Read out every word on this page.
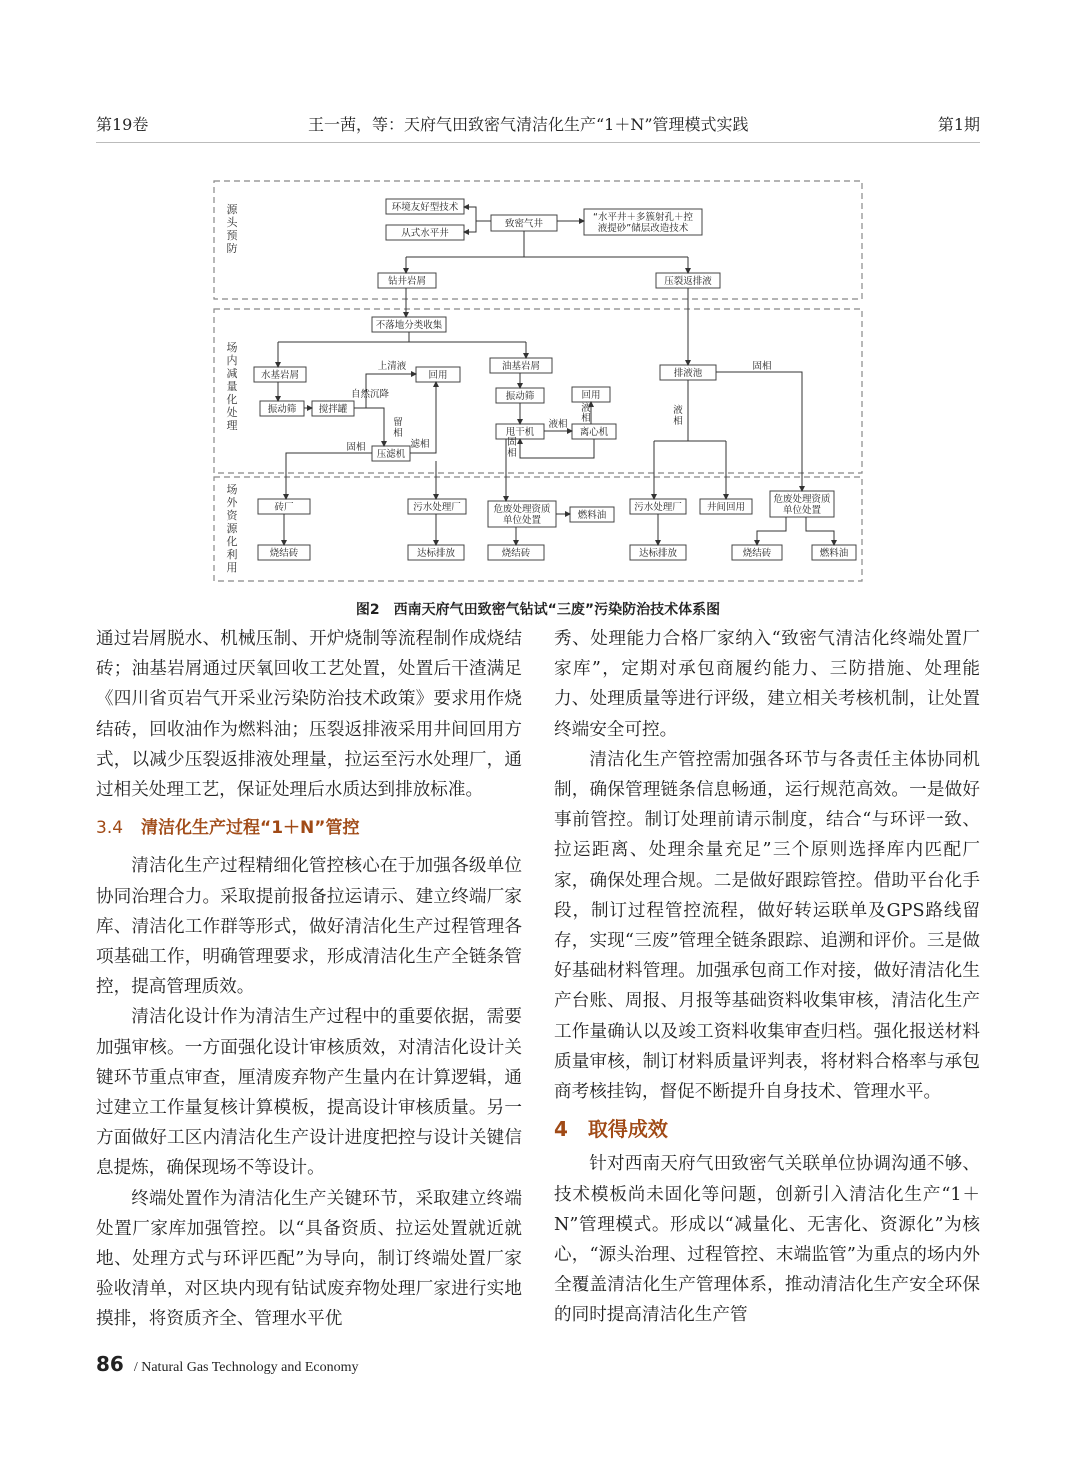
第19卷	王一茜，等：天府气田致密气清洁化生产“1＋N”管理模式实践	第1期
源头预防
场内减量化处理
场外资源化利用
环境友好型技术
从式水平井
致密气井
“水平井＋多簇射孔＋控
液提砂”储层改造技术
钻井岩屑	压裂返排液
不落地分类收集
水基岩屑
振动筛 搅拌罐
回用
压滤机
上清液
自然沉降
留
相
固相	滤相
油基岩屑
振动筛
甩干机
回用
离心机
液相
液
相
固
相
排液池
固相
液
相
砖厂	污水处理厂	危废处理资质
单位处置	燃料油
污水处理厂	井间回用
危废处理资质
单位处置
烧结砖	达标排放	烧结砖	达标排放	烧结砖	燃料油
图2　西南天府气田致密气钻试“三废”污染防治技术体系图

通过岩屑脱水、机械压制、开炉烧制等流程制作成烧结砖；油基岩屑通过厌氧回收工艺处置，处置后干渣满足《四川省页岩气开采业污染防治技术政策》要求用作烧结砖，回收油作为燃料油；压裂返排液采用井间回用方式，以减少压裂返排液处理量，拉运至污水处理厂，通过相关处理工艺，保证处理后水质达到排放标准。

3.4 清洁化生产过程“1＋N”管控

清洁化生产过程精细化管控核心在于加强各级单位协同治理合力。采取提前报备拉运请示、建立终端厂家库、清洁化工作群等形式，做好清洁化生产过程管理各项基础工作，明确管理要求，形成清洁化生产全链条管控，提高管理质效。

清洁化设计作为清洁生产过程中的重要依据，需要加强审核。一方面强化设计审核质效，对清洁化设计关键环节重点审查，厘清废弃物产生量内在计算逻辑，通过建立工作量复核计算模板，提高设计审核质量。另一方面做好工区内清洁化生产设计进度把控与设计关键信息提炼，确保现场不等设计。

终端处置作为清洁化生产关键环节，采取建立终端处置厂家库加强管控。以“具备资质、拉运处置就近就地、处理方式与环评匹配”为导向，制订终端处置厂家验收清单，对区块内现有钻试废弃物处理厂家进行实地摸排，将资质齐全、管理水平优

秀、处理能力合格厂家纳入“致密气清洁化终端处置厂家库”，定期对承包商履约能力、三防措施、处理能力、处理质量等进行评级，建立相关考核机制，让处置终端安全可控。

清洁化生产管控需加强各环节与各责任主体协同机制，确保管理链条信息畅通，运行规范高效。一是做好事前管控。制订处理前请示制度，结合“与环评一致、拉运距离、处理余量充足”三个原则选择库内匹配厂家，确保处理合规。二是做好跟踪管控。借助平台化手段，制订过程管控流程，做好转运联单及GPS路线留存，实现“三废”管理全链条跟踪、追溯和评价。三是做好基础材料管理。加强承包商工作对接，做好清洁化生产台账、周报、月报等基础资料收集审核，清洁化生产工作量确认以及竣工资料收集审查归档。强化报送材料质量审核，制订材料质量评判表，将材料合格率与承包商考核挂钩，督促不断提升自身技术、管理水平。

4 取得成效

针对西南天府气田致密气关联单位协调沟通不够、技术模板尚未固化等问题，创新引入清洁化生产“1＋N”管理模式。形成以“减量化、无害化、资源化”为核心，“源头治理、过程管控、末端监管”为重点的场内外全覆盖清洁化生产管理体系，推动清洁化生产安全环保的同时提高清洁化生产管

86 / Natural Gas Technology and Economy
